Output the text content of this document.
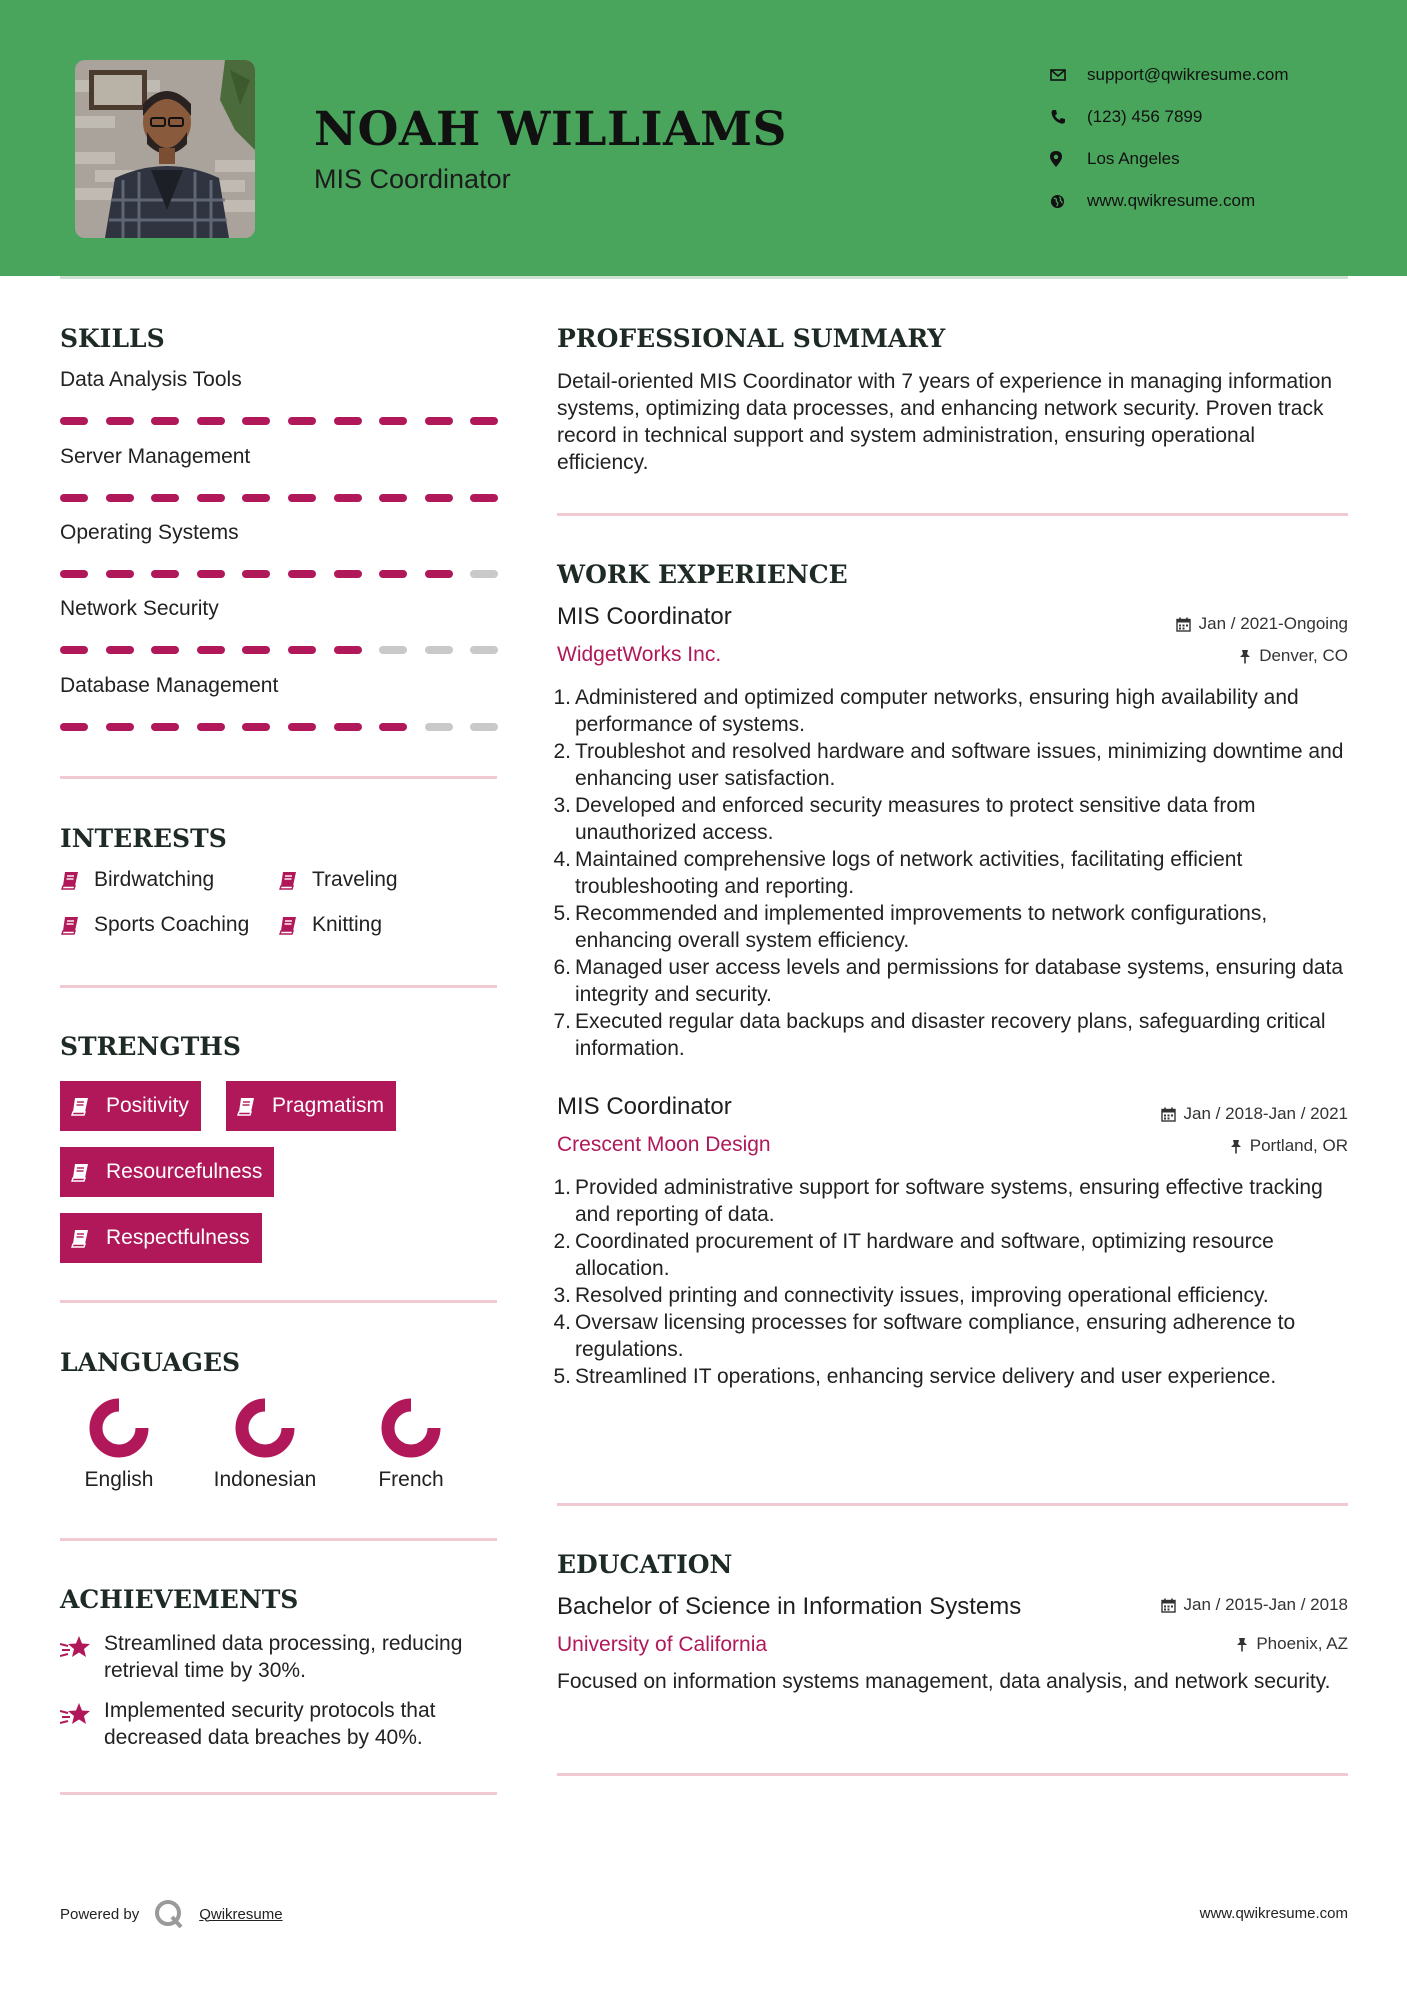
NOAH WILLIAMS
MIS Coordinator
support@qwikresume.com
(123) 456 7899
Los Angeles
www.qwikresume.com
SKILLS
Data Analysis Tools
Server Management
Operating Systems
Network Security
Database Management
INTERESTS
Birdwatching	Traveling
Sports Coaching	Knitting
STRENGTHS
Positivity	Pragmatism
Resourcefulness
Respectfulness
LANGUAGES
English	Indonesian	French
ACHIEVEMENTS
Streamlined data processing, reducing retrieval time by 30%.
Implemented security protocols that decreased data breaches by 40%.
PROFESSIONAL SUMMARY
Detail-oriented MIS Coordinator with 7 years of experience in managing information systems, optimizing data processes, and enhancing network security. Proven track record in technical support and system administration, ensuring operational efficiency.
WORK EXPERIENCE
MIS Coordinator	Jan / 2021-Ongoing
WidgetWorks Inc.	Denver, CO
1. Administered and optimized computer networks, ensuring high availability and performance of systems.
2. Troubleshot and resolved hardware and software issues, minimizing downtime and enhancing user satisfaction.
3. Developed and enforced security measures to protect sensitive data from unauthorized access.
4. Maintained comprehensive logs of network activities, facilitating efficient troubleshooting and reporting.
5. Recommended and implemented improvements to network configurations, enhancing overall system efficiency.
6. Managed user access levels and permissions for database systems, ensuring data integrity and security.
7. Executed regular data backups and disaster recovery plans, safeguarding critical information.
MIS Coordinator	Jan / 2018-Jan / 2021
Crescent Moon Design	Portland, OR
1. Provided administrative support for software systems, ensuring effective tracking and reporting of data.
2. Coordinated procurement of IT hardware and software, optimizing resource allocation.
3. Resolved printing and connectivity issues, improving operational efficiency.
4. Oversaw licensing processes for software compliance, ensuring adherence to regulations.
5. Streamlined IT operations, enhancing service delivery and user experience.
EDUCATION
Bachelor of Science in Information Systems	Jan / 2015-Jan / 2018
University of California	Phoenix, AZ
Focused on information systems management, data analysis, and network security.
Powered by	Qwikresume	www.qwikresume.com
